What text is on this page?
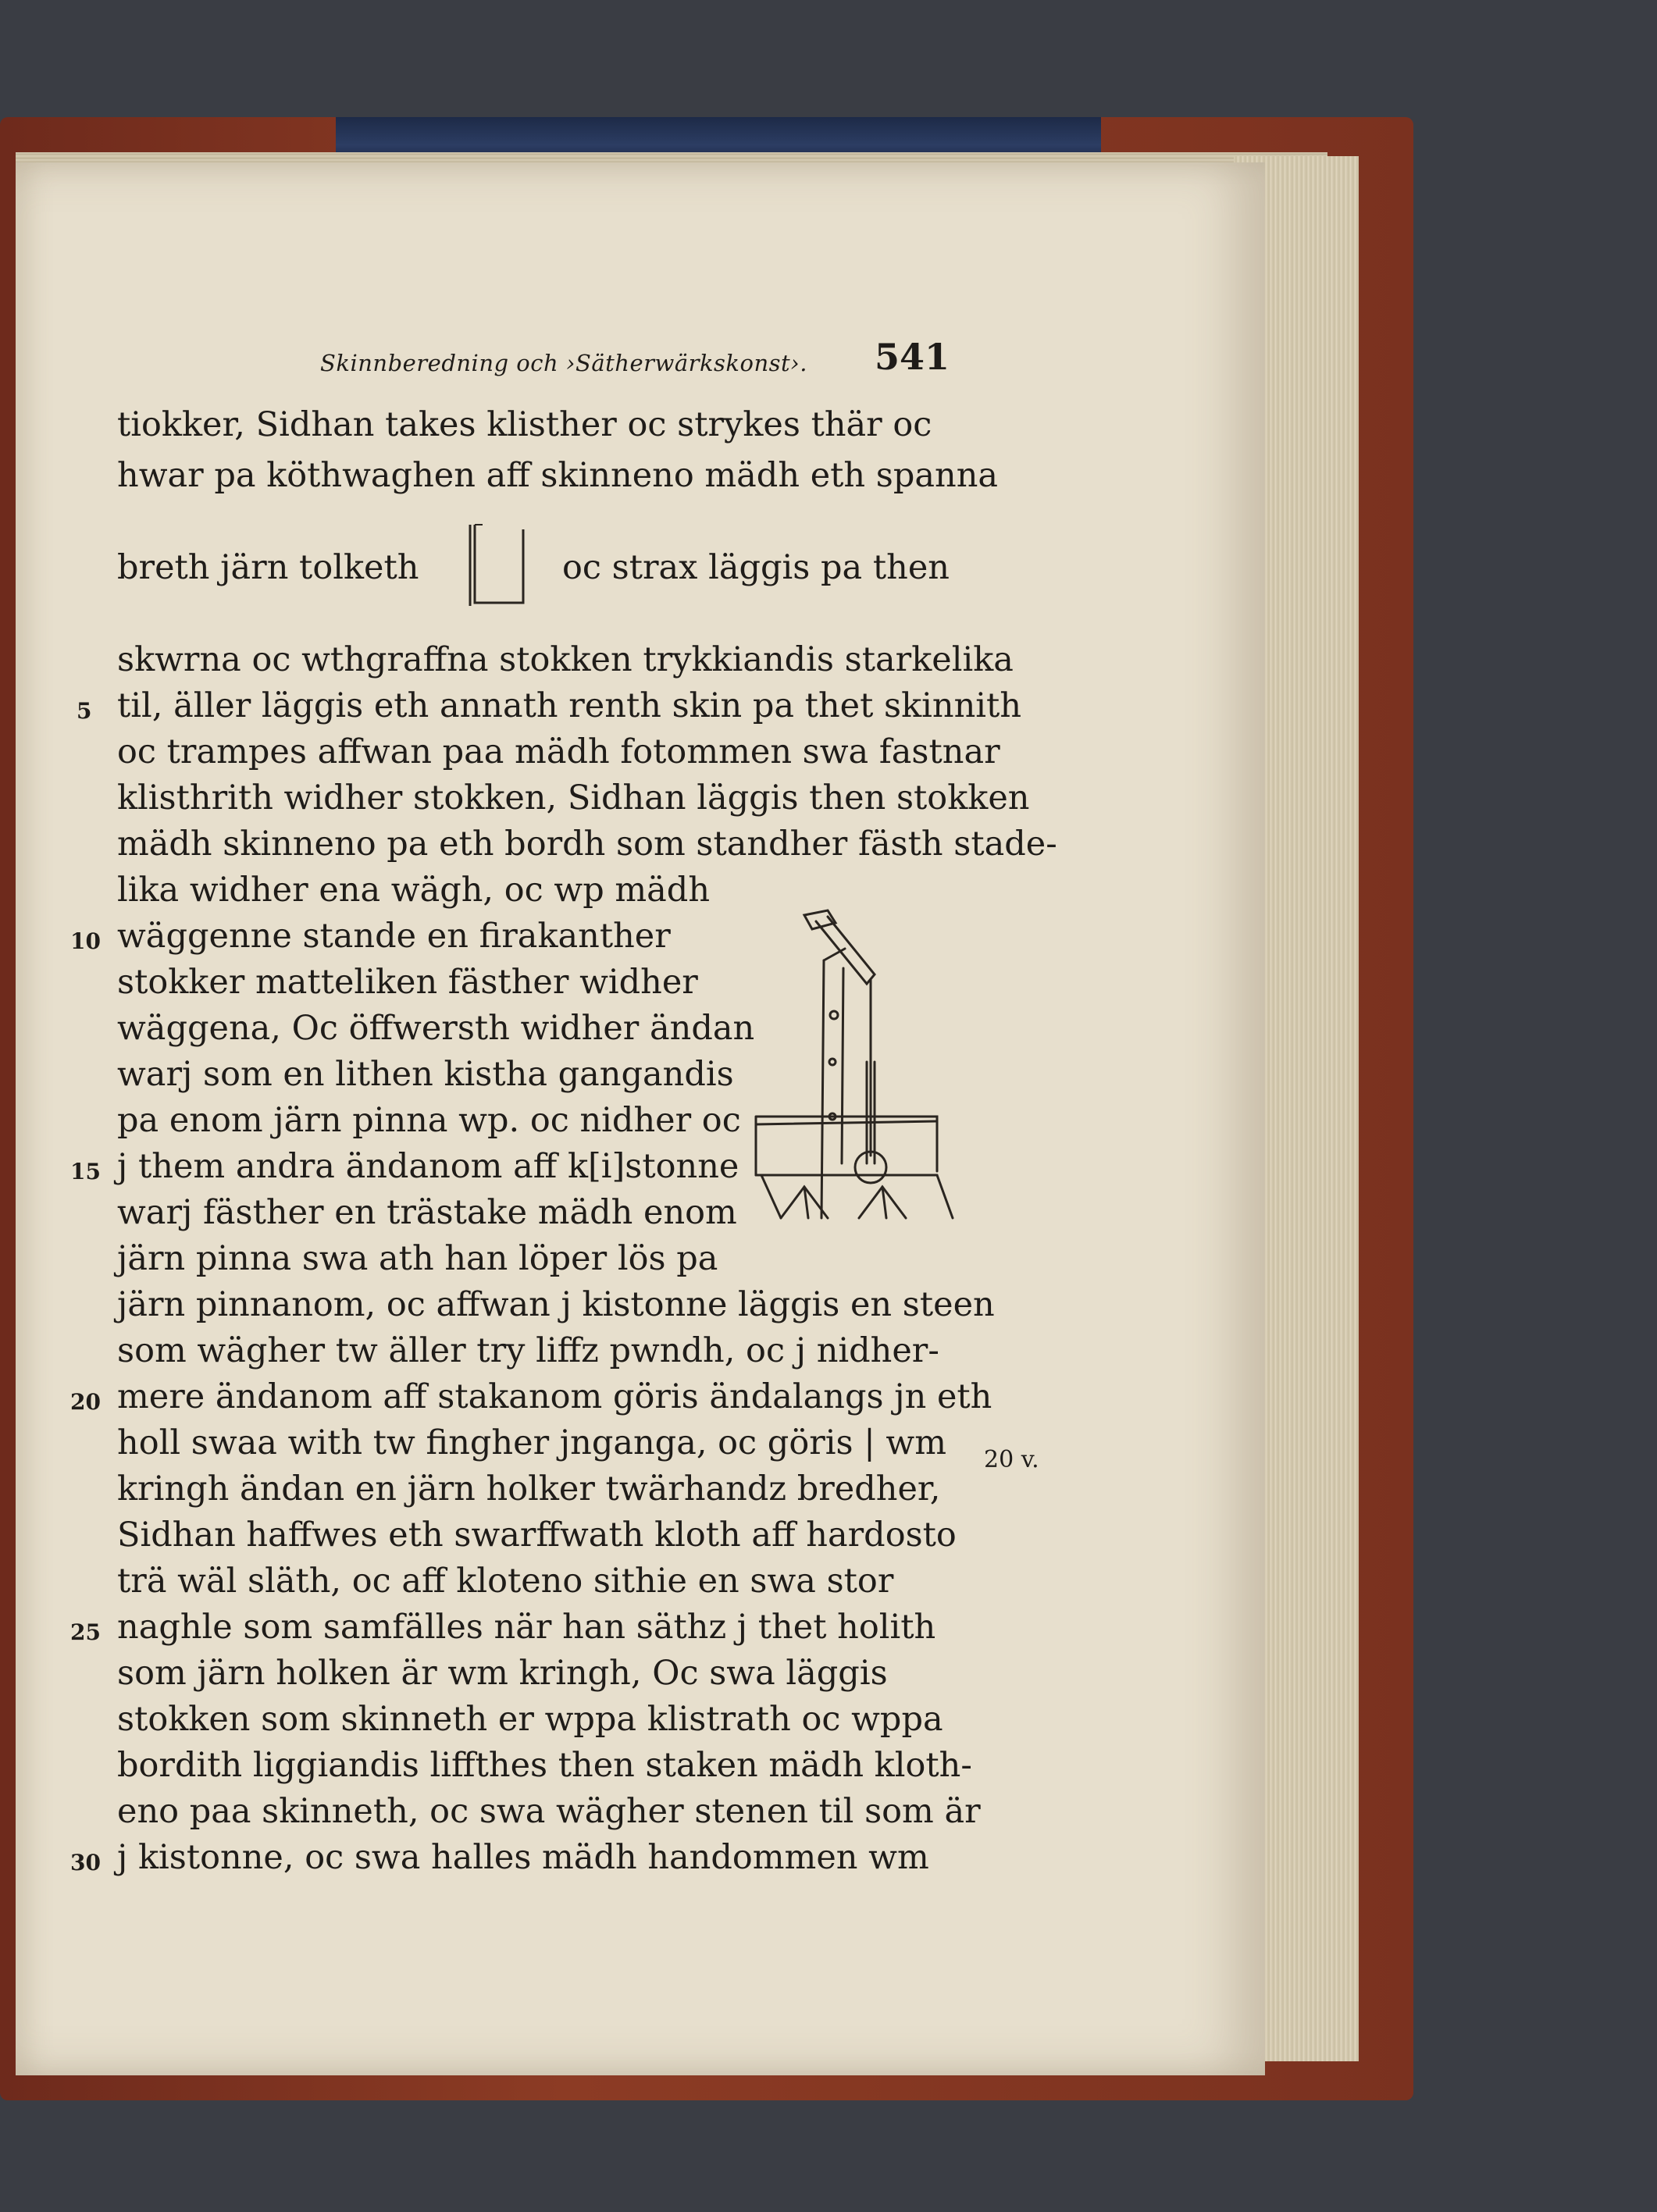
Skinnberedning och ›Sätherwärkskonst›. 541
tiokker, Sidhan takes klisther oc strykes thär oc
hwar pa köthwaghen aff skinneno mädh eth spanna
breth järn tolketh	oc strax läggis pa then
skwrna oc wthgraffna stokken trykkiandis starkelika
til, äller läggis eth annath renth skin pa thet skinnith
oc trampes affwan paa mädh fotommen swa fastnar
klisthrith widher stokken, Sidhan läggis then stokken
mädh skinneno pa eth bordh som standher fästh stade-
lika widher ena wägh, oc wp mädh
wäggenne stande en firakanther
stokker matteliken fästher widher
wäggena, Oc öffwersth widher ändan
warj som en lithen kistha gangandis
pa enom järn pinna wp. oc nidher oc
j them andra ändanom aff k[i]stonne
warj fästher en trästake mädh enom
järn pinna swa ath han löper lös pa
järn pinnanom, oc affwan j kistonne läggis en steen
som wägher tw äller try liffz pwndh, oc j nidher-
mere ändanom aff stakanom göris ändalangs jn eth
holl swaa with tw fingher jnganga, oc göris | wm
kringh ändan en järn holker twärhandz bredher,
Sidhan haffwes eth swarffwath kloth aff hardosto
trä wäl släth, oc aff kloteno sithie en swa stor
naghle som samfälles när han säthz j thet holith
som järn holken är wm kringh, Oc swa läggis
stokken som skinneth er wppa klistrath oc wppa
bordith liggiandis liffthes then staken mädh kloth-
eno paa skinneth, oc swa wägher stenen til som är
j kistonne, oc swa halles mädh handommen wm
5
10
15
20
25
30
20 v.
